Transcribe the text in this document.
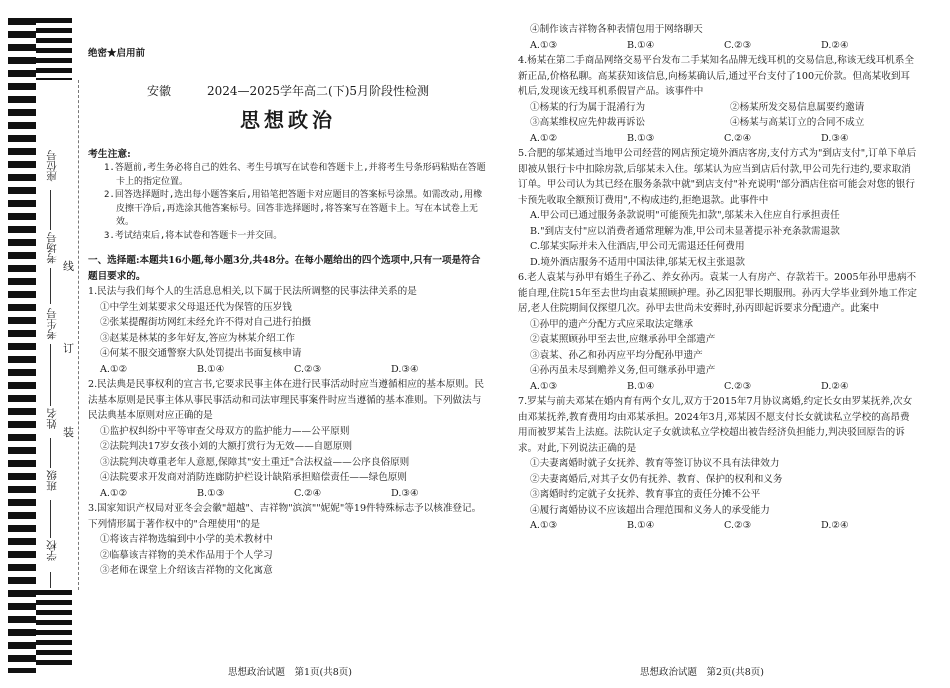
座位号
考场号
考生号
姓名
班级
学校
线
订
装
绝密★启用前
安徽　　　2024—2025学年高二(下)5月阶段性检测
思想政治
考生注意:
1.答题前,考生务必将自己的姓名、考生号填写在试卷和答题卡上,并将考生号条形码粘贴在答题卡上的指定位置。
2.回答选择题时,选出每小题答案后,用铅笔把答题卡对应题目的答案标号涂黑。如需改动,用橡皮擦干净后,再选涂其他答案标号。回答非选择题时,将答案写在答题卡上。写在本试卷上无效。
3.考试结束后,将本试卷和答题卡一并交回。
一、选择题:本题共16小题,每小题3分,共48分。在每小题给出的四个选项中,只有一项是符合题目要求的。

1.民法与我们每个人的生活息息相关,以下属于民法所调整的民事法律关系的是

①中学生刘某要求父母退还代为保管的压岁钱

②张某提醒街坊网红未经允许不得对自己进行拍摄

③赵某是林某的多年好友,答应为林某介绍工作

④何某不服交通警察大队处罚提出书面复核申请

A.①②	B.①④	C.②③	D.③④

2.民法典是民事权利的宣言书,它要求民事主体在进行民事活动时应当遵循相应的基本原则。民法基本原则是民事主体从事民事活动和司法审理民事案件时应当遵循的基本准则。下列做法与民法典基本原则对应正确的是

①监护权纠纷中平等审查父母双方的监护能力——公平原则

②法院判决17岁女孩小刘的大额打赏行为无效——自愿原则

③法院判决尊重老年人意愿,保障其"安土重迁"合法权益——公序良俗原则

④法院要求开发商对消防连廊防护栏设计缺陷承担赔偿责任——绿色原则

A.①②	B.①③	C.②④	D.③④

3.国家知识产权局对亚冬会会徽"超越"、吉祥物"滨滨""妮妮"等19件特殊标志予以核准登记。下列情形属于著作权中的"合理使用"的是

①将该吉祥物选编到中小学的美术教材中

②临摹该吉祥物的美术作品用于个人学习

③老师在课堂上介绍该吉祥物的文化寓意

④制作该吉祥物各种表情包用于网络聊天

A.①③	B.①④	C.②③	D.②④

4.杨某在第二手商品网络交易平台发布二手某知名品牌无线耳机的交易信息,称该无线耳机系全新正品,价格私聊。高某获知该信息,向杨某确认后,通过平台支付了100元价款。但高某收到耳机后,发现该无线耳机系假冒产品。该事件中

①杨某的行为属于混淆行为	②杨某所发交易信息属要约邀请
③高某维权应先仲裁再诉讼	④杨某与高某订立的合同不成立
A.①②	B.①③	C.②④	D.③④

5.合肥的邬某通过当地甲公司经营的网店预定境外酒店客房,支付方式为"到店支付",订单下单后即被从银行卡中扣除房款,后邬某未入住。邬某认为应当到店后付款,甲公司先行违约,要求取消订单。甲公司认为其已经在服务条款中就"到店支付"补充说明"部分酒店住宿可能会对您的银行卡预先收取全额预订费用",不构成违约,拒绝退款。此事件中

A.甲公司已通过服务条款说明"可能预先扣款",邬某未入住应自行承担责任

B."到店支付"应以消费者通常理解为准,甲公司未显著提示补充条款需退款

C.邬某实际并未入住酒店,甲公司无需退还任何费用

D.境外酒店服务不适用中国法律,邬某无权主张退款

6.老人袁某与孙甲有婚生子孙乙、养女孙丙。袁某一人有房产、存款若干。2005年孙甲患病不能自理,住院15年至去世均由袁某照顾护理。孙乙因犯罪长期服刑。孙丙大学毕业到外地工作定居,老人住院期间仅探望几次。孙甲去世尚未安葬时,孙丙即起诉要求分配遗产。此案中

①孙甲的遗产分配方式应采取法定继承

②袁某照顾孙甲至去世,应继承孙甲全部遗产

③袁某、孙乙和孙丙应平均分配孙甲遗产

④孙丙虽未尽到赡养义务,但可继承孙甲遗产

A.①③	B.①④	C.②③	D.②④

7.罗某与前夫邓某在婚内育有两个女儿,双方于2015年7月协议离婚,约定长女由罗某抚养,次女由邓某抚养,教育费用均由邓某承担。2024年3月,邓某因不愿支付长女就读私立学校的高昂费用而被罗某告上法庭。法院认定子女就读私立学校超出被告经济负担能力,判决驳回原告的诉求。对此,下列说法正确的是

①夫妻离婚时就子女抚养、教育等签订协议不具有法律效力

②夫妻离婚后,对其子女仍有抚养、教育、保护的权利和义务

③离婚时约定就子女抚养、教育事宜的责任分摊不公平

④履行离婚协议不应该超出合理范围和义务人的承受能力

A.①③	B.①④	C.②③	D.②④
思想政治试题　第1页(共8页)	思想政治试题　第2页(共8页)
